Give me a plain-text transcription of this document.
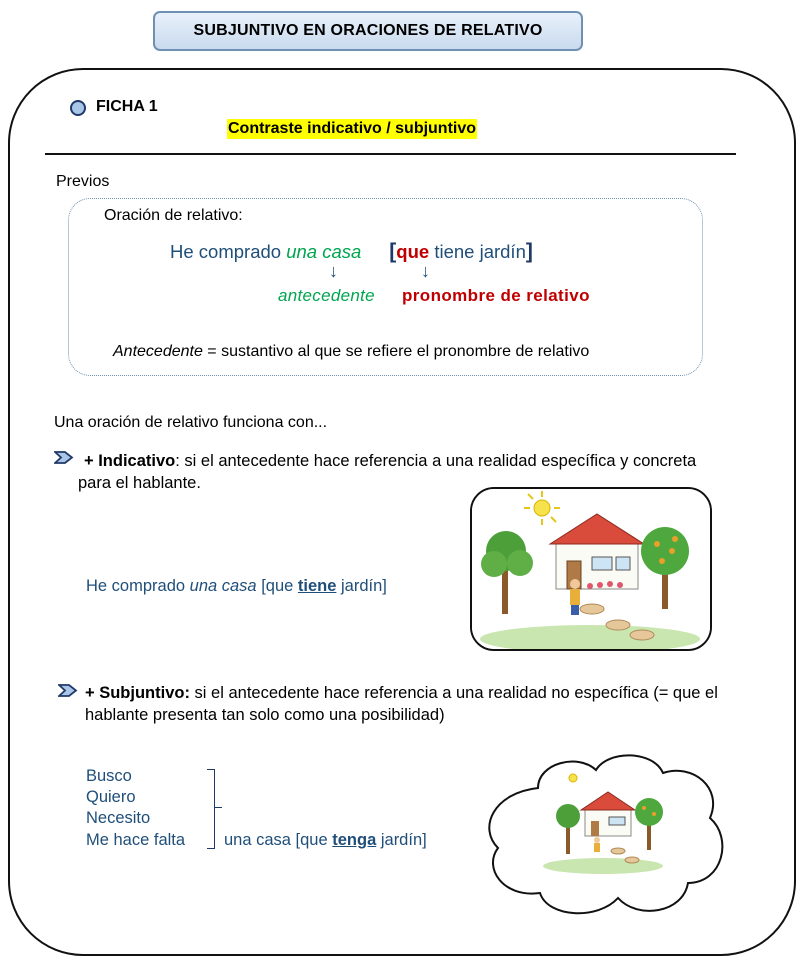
SUBJUNTIVO EN ORACIONES DE RELATIVO
FICHA 1
Contraste indicativo / subjuntivo
Previos
Oración de relativo:
He comprado una casa [que tiene jardín]
↓	↓
antecedente pronombre de relativo
Antecedente = sustantivo al que se refiere el pronombre de relativo
Una oración de relativo funciona con...
+ Indicativo: si el antecedente hace referencia a una realidad específica y concreta para el hablante.
He comprado una casa [que tiene jardín]
+ Subjuntivo: si el antecedente hace referencia a una realidad no específica (= que el hablante presenta tan solo como una posibilidad)
Busco
Quiero
Necesito
Me hace falta una casa [que tenga jardín]
